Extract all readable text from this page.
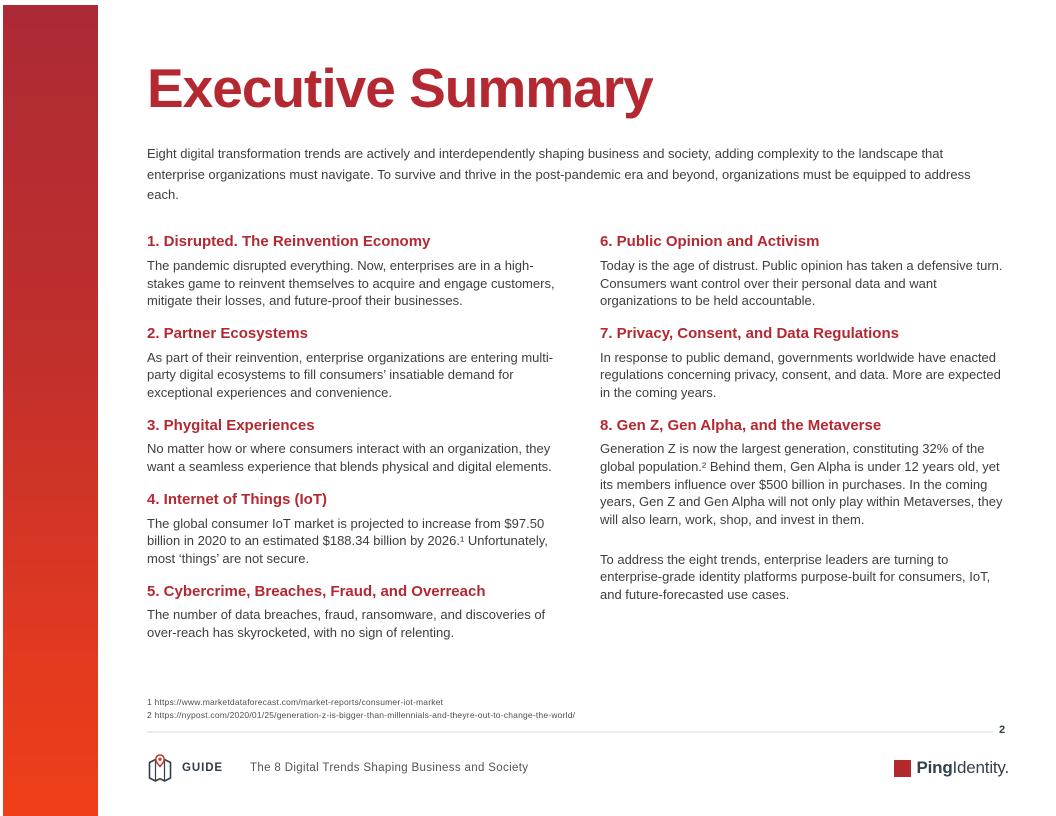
Executive Summary

Eight digital transformation trends are actively and interdependently shaping business and society, adding complexity to the landscape that enterprise organizations must navigate. To survive and thrive in the post-pandemic era and beyond, organizations must be equipped to address each.

1. Disrupted. The Reinvention Economy
The pandemic disrupted everything. Now, enterprises are in a high-stakes game to reinvent themselves to acquire and engage customers, mitigate their losses, and future-proof their businesses.
2. Partner Ecosystems
As part of their reinvention, enterprise organizations are entering multi-party digital ecosystems to fill consumers’ insatiable demand for exceptional experiences and convenience.
3. Phygital Experiences
No matter how or where consumers interact with an organization, they want a seamless experience that blends physical and digital elements.
4. Internet of Things (IoT)
The global consumer IoT market is projected to increase from $97.50 billion in 2020 to an estimated $188.34 billion by 2026.¹ Unfortunately, most ‘things’ are not secure.
5. Cybercrime, Breaches, Fraud, and Overreach
The number of data breaches, fraud, ransomware, and discoveries of over-reach has skyrocketed, with no sign of relenting.
6. Public Opinion and Activism
Today is the age of distrust. Public opinion has taken a defensive turn. Consumers want control over their personal data and want organizations to be held accountable.
7. Privacy, Consent, and Data Regulations
In response to public demand, governments worldwide have enacted regulations concerning privacy, consent, and data. More are expected in the coming years.
8. Gen Z, Gen Alpha, and the Metaverse
Generation Z is now the largest generation, constituting 32% of the global population.² Behind them, Gen Alpha is under 12 years old, yet its members influence over $500 billion in purchases. In the coming years, Gen Z and Gen Alpha will not only play within Metaverses, they will also learn, work, shop, and invest in them.

To address the eight trends, enterprise leaders are turning to enterprise-grade identity platforms purpose-built for consumers, IoT, and future-forecasted use cases.

1 https://www.marketdataforecast.com/market-reports/consumer-iot-market
2 https://nypost.com/2020/01/25/generation-z-is-bigger-than-millennials-and-theyre-out-to-change-the-world/
2
GUIDE The 8 Digital Trends Shaping Business and Society	Ping Identity.
